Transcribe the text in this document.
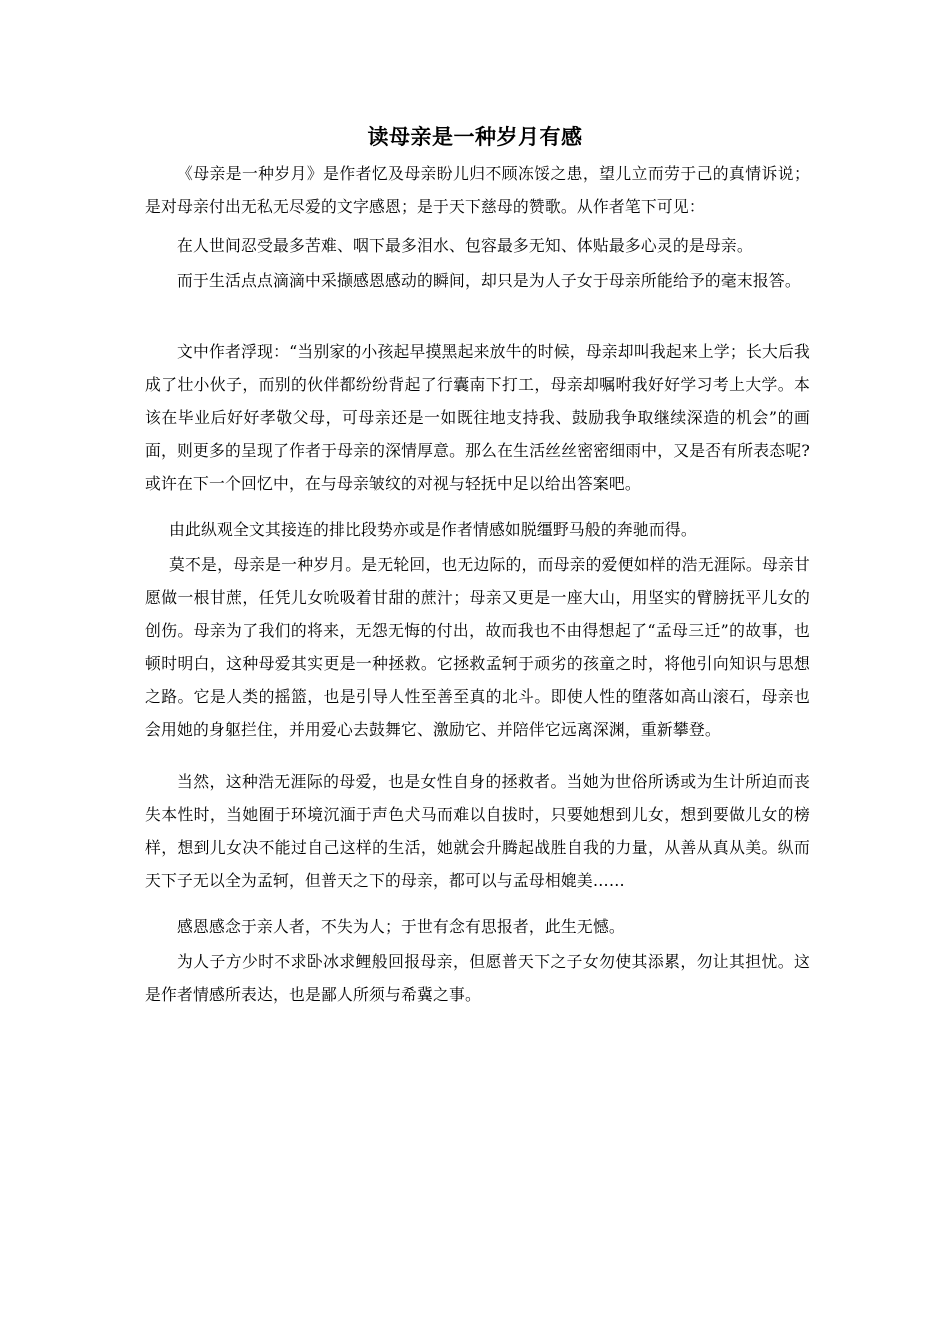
读母亲是一种岁月有感
《母亲是一种岁月》是作者忆及母亲盼儿归不顾冻馁之患，望儿立而劳于己的真情诉说；是对母亲付出无私无尽爱的文字感恩；是于天下慈母的赞歌。从作者笔下可见：
在人世间忍受最多苦难、咽下最多泪水、包容最多无知、体贴最多心灵的是母亲。
而于生活点点滴滴中采撷感恩感动的瞬间，却只是为人子女于母亲所能给予的毫末报答。
文中作者浮现：“当别家的小孩起早摸黑起来放牛的时候，母亲却叫我起来上学；长大后我成了壮小伙子，而别的伙伴都纷纷背起了行囊南下打工，母亲却嘱咐我好好学习考上大学。本该在毕业后好好孝敬父母，可母亲还是一如既往地支持我、鼓励我争取继续深造的机会”的画面，则更多的呈现了作者于母亲的深情厚意。那么在生活丝丝密密细雨中，又是否有所表态呢?或许在下一个回忆中，在与母亲皱纹的对视与轻抚中足以给出答案吧。
由此纵观全文其接连的排比段势亦或是作者情感如脱缰野马般的奔驰而得。
莫不是，母亲是一种岁月。是无轮回，也无边际的，而母亲的爱便如样的浩无涯际。母亲甘愿做一根甘蔗，任凭儿女吮吸着甘甜的蔗汁；母亲又更是一座大山，用坚实的臂膀抚平儿女的创伤。母亲为了我们的将来，无怨无悔的付出，故而我也不由得想起了“孟母三迁”的故事，也顿时明白，这种母爱其实更是一种拯救。它拯救孟轲于顽劣的孩童之时，将他引向知识与思想之路。它是人类的摇篮，也是引导人性至善至真的北斗。即使人性的堕落如高山滚石，母亲也会用她的身躯拦住，并用爱心去鼓舞它、激励它、并陪伴它远离深渊，重新攀登。
当然，这种浩无涯际的母爱，也是女性自身的拯救者。当她为世俗所诱或为生计所迫而丧失本性时，当她囿于环境沉湎于声色犬马而难以自拔时，只要她想到儿女，想到要做儿女的榜样，想到儿女决不能过自己这样的生活，她就会升腾起战胜自我的力量，从善从真从美。纵而天下子无以全为孟轲，但普天之下的母亲，都可以与孟母相媲美……
感恩感念于亲人者，不失为人；于世有念有思报者，此生无憾。
为人子方少时不求卧冰求鲤般回报母亲，但愿普天下之子女勿使其添累，勿让其担忧。这是作者情感所表达，也是鄙人所须与希冀之事。
